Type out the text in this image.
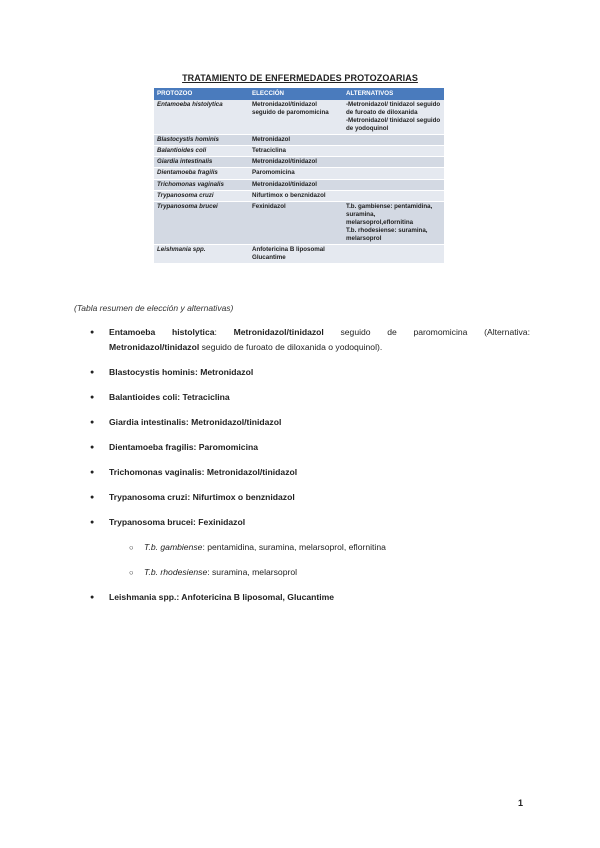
TRATAMIENTO DE ENFERMEDADES PROTOZOARIAS
PROTOZOO	ELECCIÓN	ALTERNATIVOS
Entamoeba histolytica	Metronidazol/tinidazol seguido de paromomicina	-Metronidazol/ tinidazol seguido de furoato de diloxanida
-Metronidazol/ tinidazol seguido de yodoquinol
Blastocystis hominis	Metronidazol	
Balantioides coli	Tetraciclina	
Giardia intestinalis	Metronidazol/tinidazol	
Dientamoeba fragilis	Paromomicina	
Trichomonas vaginalis	Metronidazol/tinidazol	
Trypanosoma cruzi	Nifurtimox o benznidazol	
Trypanosoma brucei	Fexinidazol	T.b. gambiense: pentamidina, suramina, melarsoprol,eflornitina
T.b. rhodesiense: suramina, melarsoprol
Leishmania spp.	Anfotericina B liposomal
Glucantime	
(Tabla resumen de elección y alternativas)
● Entamoeba histolytica: Metronidazol/tinidazol seguido de paromomicina (Alternativa: Metronidazol/tinidazol seguido de furoato de diloxanida o yodoquinol).
● Blastocystis hominis: Metronidazol
● Balantioides coli: Tetraciclina
● Giardia intestinalis: Metronidazol/tinidazol
● Dientamoeba fragilis: Paromomicina
● Trichomonas vaginalis: Metronidazol/tinidazol
● Trypanosoma cruzi: Nifurtimox o benznidazol
● Trypanosoma brucei: Fexinidazol
○ T.b. gambiense: pentamidina, suramina, melarsoprol, eflornitina
○ T.b. rhodesiense: suramina, melarsoprol
● Leishmania spp.: Anfotericina B liposomal, Glucantime
1
